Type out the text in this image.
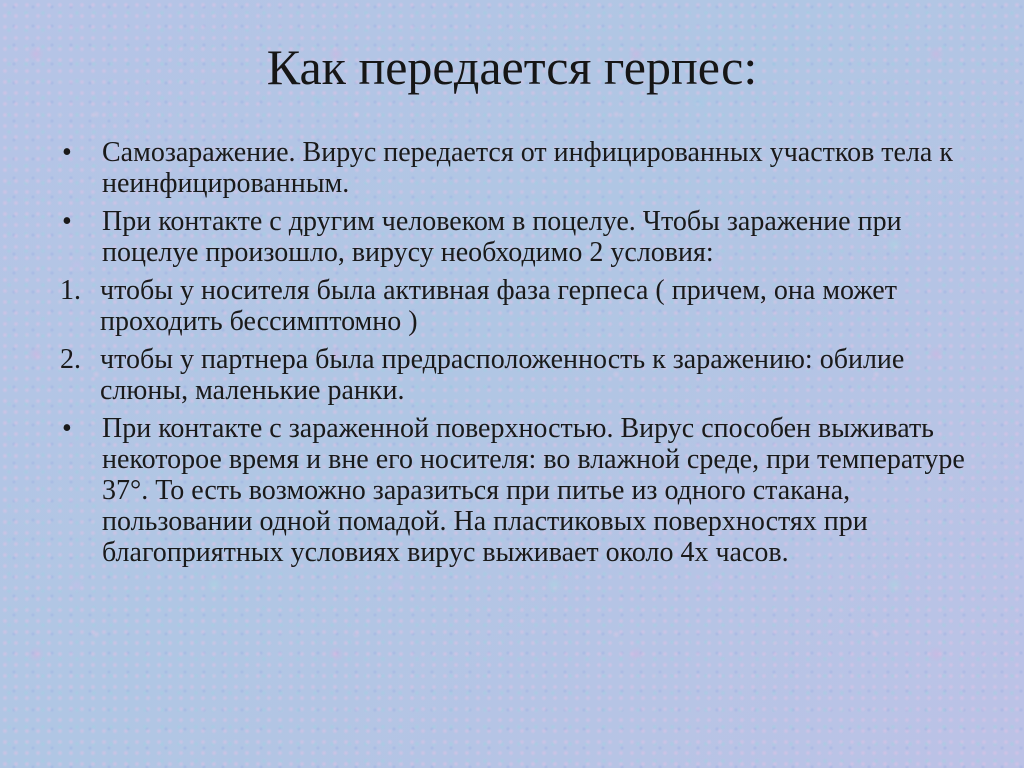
Как передается герпес:
•	Самозаражение. Вирус передается от инфицированных участков тела к неинфицированным.
•	При контакте с другим человеком в поцелуе. Чтобы заражение при поцелуе произошло, вирусу необходимо 2 условия:
1. чтобы у носителя была активная фаза герпеса ( причем, она может проходить бессимптомно )
2. чтобы у партнера была предрасположенность к заражению: обилие слюны, маленькие ранки.
•	При контакте с зараженной поверхностью. Вирус способен выживать некоторое время и вне его носителя: во влажной среде, при температуре 37°. То есть возможно заразиться при питье из одного стакана, пользовании одной помадой. На пластиковых поверхностях при благоприятных условиях вирус выживает около 4х часов.
